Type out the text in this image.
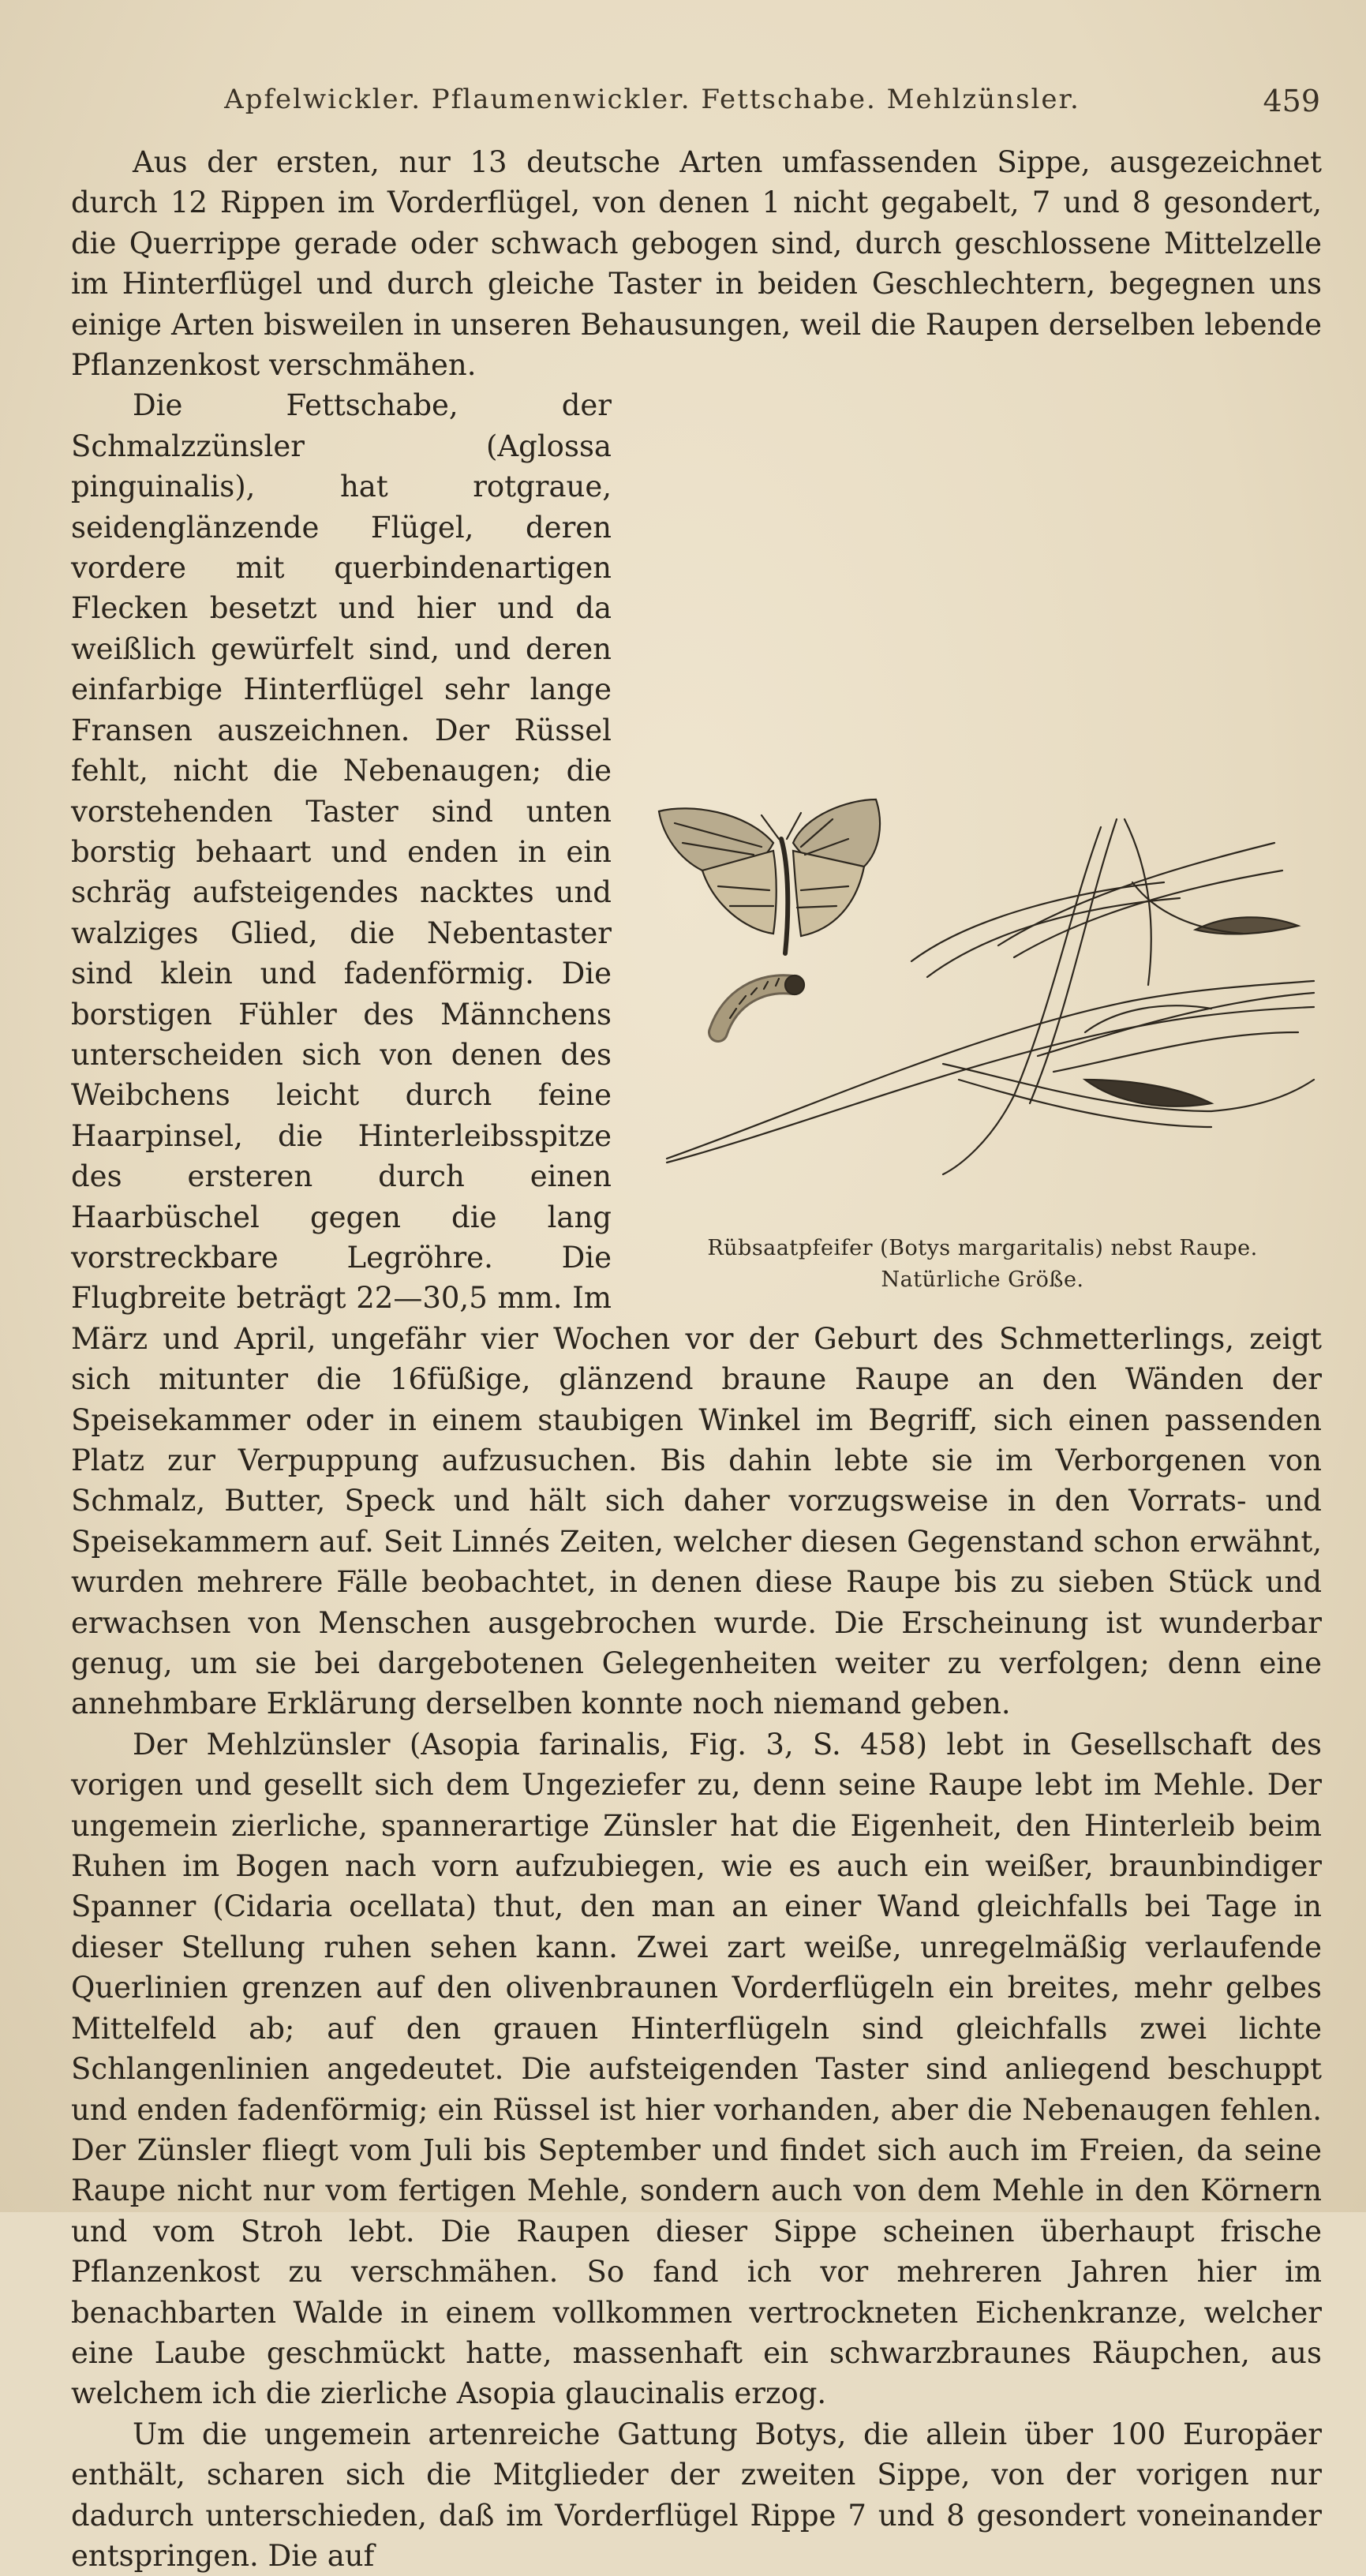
Apfelwickler. Pflaumenwickler. Fettschabe. Mehlzünsler.	459

Aus der ersten, nur 13 deutsche Arten umfassenden Sippe, ausgezeichnet durch 12 Rippen im Vorderflügel, von denen 1 nicht gegabelt, 7 und 8 gesondert, die Querrippe gerade oder schwach gebogen sind, durch geschlossene Mittelzelle im Hinterflügel und durch gleiche Taster in beiden Geschlechtern, begegnen uns einige Arten bisweilen in unseren Behausungen, weil die Raupen derselben lebende Pflanzenkost verschmähen.

Rübsaatpfeifer (Botys margaritalis) nebst Raupe.
Natürliche Größe.

Die Fettschabe, der Schmalzzünsler (Aglossa pinguinalis), hat rotgraue, seidenglänzende Flügel, deren vordere mit querbindenartigen Flecken besetzt und hier und da weißlich gewürfelt sind, und deren einfarbige Hinterflügel sehr lange Fransen auszeichnen. Der Rüssel fehlt, nicht die Nebenaugen; die vorstehenden Taster sind unten borstig behaart und enden in ein schräg aufsteigendes nacktes und walziges Glied, die Nebentaster sind klein und fadenförmig. Die borstigen Fühler des Männchens unterscheiden sich von denen des Weibchens leicht durch feine Haarpinsel, die Hinterleibsspitze des ersteren durch einen Haarbüschel gegen die lang vorstreckbare Legröhre. Die Flugbreite beträgt 22—30,5 mm. Im März und April, ungefähr vier Wochen vor der Geburt des Schmetterlings, zeigt sich mitunter die 16füßige, glänzend braune Raupe an den Wänden der Speisekammer oder in einem staubigen Winkel im Begriff, sich einen passenden Platz zur Verpuppung aufzusuchen. Bis dahin lebte sie im Verborgenen von Schmalz, Butter, Speck und hält sich daher vorzugsweise in den Vorrats- und Speisekammern auf. Seit Linnés Zeiten, welcher diesen Gegenstand schon erwähnt, wurden mehrere Fälle beobachtet, in denen diese Raupe bis zu sieben Stück und erwachsen von Menschen ausgebrochen wurde. Die Erscheinung ist wunderbar genug, um sie bei dargebotenen Gelegenheiten weiter zu verfolgen; denn eine annehmbare Erklärung derselben konnte noch niemand geben.

Der Mehlzünsler (Asopia farinalis, Fig. 3, S. 458) lebt in Gesellschaft des vorigen und gesellt sich dem Ungeziefer zu, denn seine Raupe lebt im Mehle. Der ungemein zierliche, spannerartige Zünsler hat die Eigenheit, den Hinterleib beim Ruhen im Bogen nach vorn aufzubiegen, wie es auch ein weißer, braunbindiger Spanner (Cidaria ocellata) thut, den man an einer Wand gleichfalls bei Tage in dieser Stellung ruhen sehen kann. Zwei zart weiße, unregelmäßig verlaufende Querlinien grenzen auf den olivenbraunen Vorderflügeln ein breites, mehr gelbes Mittelfeld ab; auf den grauen Hinterflügeln sind gleichfalls zwei lichte Schlangenlinien angedeutet. Die aufsteigenden Taster sind anliegend beschuppt und enden fadenförmig; ein Rüssel ist hier vorhanden, aber die Nebenaugen fehlen. Der Zünsler fliegt vom Juli bis September und findet sich auch im Freien, da seine Raupe nicht nur vom fertigen Mehle, sondern auch von dem Mehle in den Körnern und vom Stroh lebt. Die Raupen dieser Sippe scheinen überhaupt frische Pflanzenkost zu verschmähen. So fand ich vor mehreren Jahren hier im benachbarten Walde in einem vollkommen vertrockneten Eichenkranze, welcher eine Laube geschmückt hatte, massenhaft ein schwarzbraunes Räupchen, aus welchem ich die zierliche Asopia glaucinalis erzog.

Um die ungemein artenreiche Gattung Botys, die allein über 100 Europäer enthält, scharen sich die Mitglieder der zweiten Sippe, von der vorigen nur dadurch unterschieden, daß im Vorderflügel Rippe 7 und 8 gesondert voneinander entspringen. Die auf
